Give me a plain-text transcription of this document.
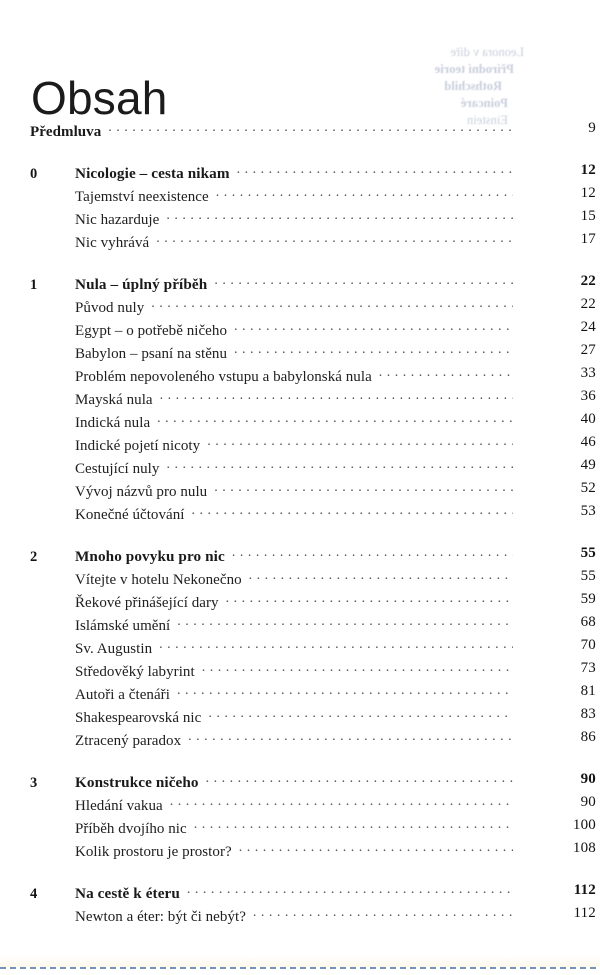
Leonora v díře
Přírodní teorie
Rothschild
Poincaré
Einstein
Obsah
Předmluva . . .	9
0	Nicologie – cesta nikam . . .	12
Tajemství neexistence . . .	12
Nic hazarduje . . .	15
Nic vyhrává . . .	17
1	Nula – úplný příběh . . .	22
Původ nuly . . .	22
Egypt – o potřebě ničeho . . .	24
Babylon – psaní na stěnu . . .	27
Problém nepovoleného vstupu a babylonská nula . . .	33
Mayská nula . . .	36
Indická nula . . .	40
Indické pojetí nicoty . . .	46
Cestující nuly . . .	49
Vývoj názvů pro nulu . . .	52
Konečné účtování . . .	53
2	Mnoho povyku pro nic . . .	55
Vítejte v hotelu Nekonečno . . .	55
Řekové přinášející dary . . .	59
Islámské umění . . .	68
Sv. Augustin . . .	70
Středověký labyrint . . .	73
Autoři a čtenáři . . .	81
Shakespearovská nic . . .	83
Ztracený paradox . . .	86
3	Konstrukce ničeho . . .	90
Hledání vakua . . .	90
Příběh dvojího nic . . .	100
Kolik prostoru je prostor? . . .	108
4	Na cestě k éteru . . .	112
Newton a éter: být či nebýt? . . .	112
